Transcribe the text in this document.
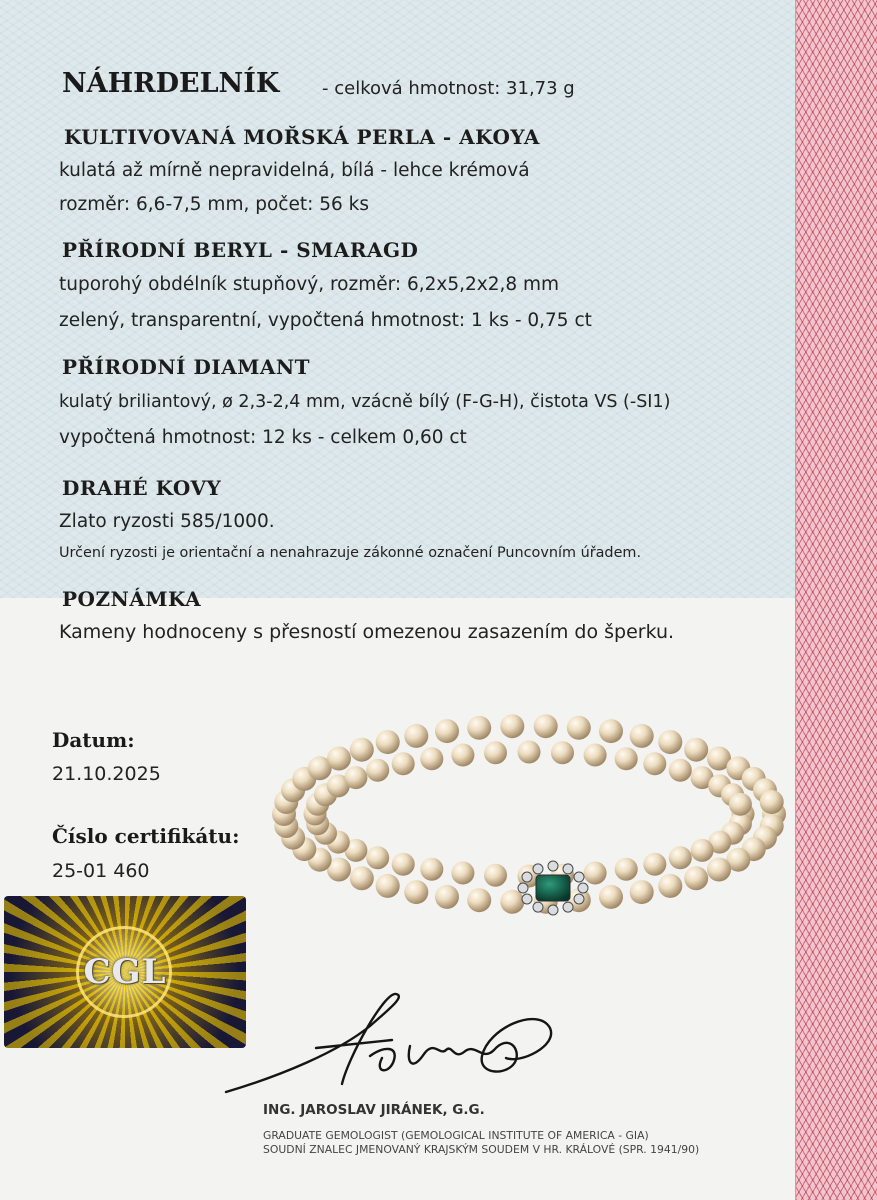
NÁHRDELNÍK - celková hmotnost: 31,73 g
KULTIVOVANÁ MOŘSKÁ PERLA - AKOYA
kulatá až mírně nepravidelná, bílá - lehce krémová
rozměr: 6,6-7,5 mm, počet: 56 ks
PŘÍRODNÍ BERYL - SMARAGD
tuporohý obdélník stupňový, rozměr: 6,2x5,2x2,8 mm
zelený, transparentní, vypočtená hmotnost: 1 ks - 0,75 ct
PŘÍRODNÍ DIAMANT
kulatý briliantový, ø 2,3-2,4 mm, vzácně bílý (F-G-H), čistota VS (-SI1)
vypočtená hmotnost: 12 ks - celkem 0,60 ct
DRAHÉ KOVY
Zlato ryzosti 585/1000.
Určení ryzosti je orientační a nenahrazuje zákonné označení Puncovním úřadem.
POZNÁMKA
Kameny hodnoceny s přesností omezenou zasazením do šperku.
Datum:
21.10.2025
Číslo certifikátu:
25-01 460
CGL
ING. JAROSLAV JIRÁNEK, G.G.
GRADUATE GEMOLOGIST (GEMOLOGICAL INSTITUTE OF AMERICA - GIA)
SOUDNÍ ZNALEC JMENOVANÝ KRAJSKÝM SOUDEM V HR. KRÁLOVÉ (SPR. 1941/90)
